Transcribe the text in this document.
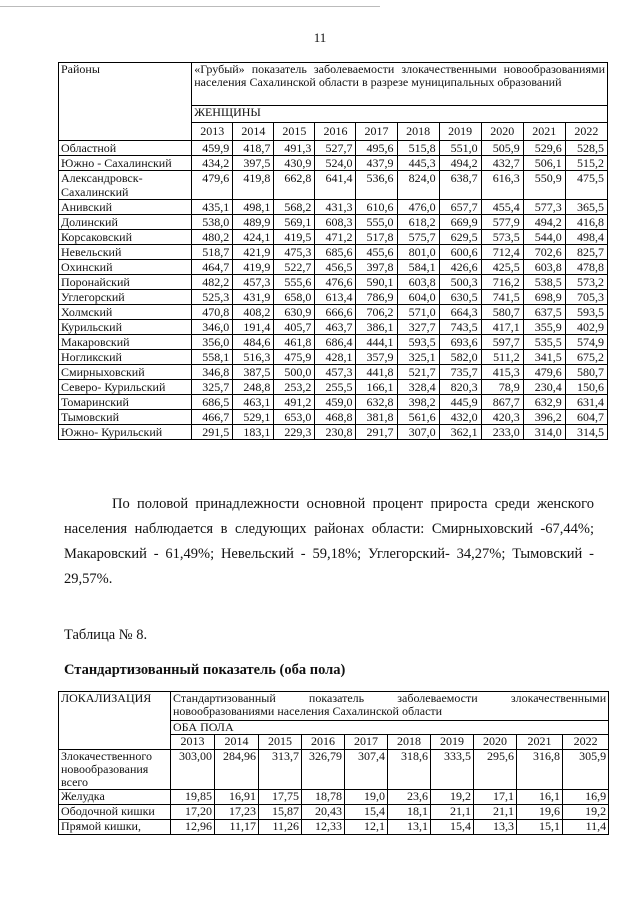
11
Районы	«Грубый» показатель заболеваемости злокачественными новообразованиями населения Сахалинской области в разрезе муниципальных образований									
	ЖЕНЩИНЫ									
	2013	2014	2015	2016	2017	2018	2019	2020	2021	2022
Областной	459,9	418,7	491,3	527,7	495,6	515,8	551,0	505,9	529,6	528,5
Южно - Сахалинский	434,2	397,5	430,9	524,0	437,9	445,3	494,2	432,7	506,1	515,2
Александровск-Сахалинский	479,6	419,8	662,8	641,4	536,6	824,0	638,7	616,3	550,9	475,5
Анивский	435,1	498,1	568,2	431,3	610,6	476,0	657,7	455,4	577,3	365,5
Долинский	538,0	489,9	569,1	608,3	555,0	618,2	669,9	577,9	494,2	416,8
Корсаковский	480,2	424,1	419,5	471,2	517,8	575,7	629,5	573,5	544,0	498,4
Невельский	518,7	421,9	475,3	685,6	455,6	801,0	600,6	712,4	702,6	825,7
Охинский	464,7	419,9	522,7	456,5	397,8	584,1	426,6	425,5	603,8	478,8
Поронайский	482,2	457,3	555,6	476,6	590,1	603,8	500,3	716,2	538,5	573,2
Углегорский	525,3	431,9	658,0	613,4	786,9	604,0	630,5	741,5	698,9	705,3
Холмский	470,8	408,2	630,9	666,6	706,2	571,0	664,3	580,7	637,5	593,5
Курильский	346,0	191,4	405,7	463,7	386,1	327,7	743,5	417,1	355,9	402,9
Макаровский	356,0	484,6	461,8	686,4	444,1	593,5	693,6	597,7	535,5	574,9
Ногликский	558,1	516,3	475,9	428,1	357,9	325,1	582,0	511,2	341,5	675,2
Смирныховский	346,8	387,5	500,0	457,3	441,8	521,7	735,7	415,3	479,6	580,7
Северо- Курильский	325,7	248,8	253,2	255,5	166,1	328,4	820,3	78,9	230,4	150,6
Томаринский	686,5	463,1	491,2	459,0	632,8	398,2	445,9	867,7	632,9	631,4
Тымовский	466,7	529,1	653,0	468,8	381,8	561,6	432,0	420,3	396,2	604,7
Южно- Курильский	291,5	183,1	229,3	230,8	291,7	307,0	362,1	233,0	314,0	314,5
По половой принадлежности основной процент прироста среди женского населения наблюдается в следующих районах области: Смирныховский -67,44%; Макаровский - 61,49%; Невельский - 59,18%; Углегорский- 34,27%; Тымовский - 29,57%.
Таблица № 8.
Стандартизованный показатель (оба пола)
ЛОКАЛИЗАЦИЯ	Стандартизованный показатель заболеваемости злокачественными новообразованиями населения Сахалинской области									
	ОБА ПОЛА									
	2013	2014	2015	2016	2017	2018	2019	2020	2021	2022
Злокачественного новообразования всего	303,00	284,96	313,7	326,79	307,4	318,6	333,5	295,6	316,8	305,9
Желудка	19,85	16,91	17,75	18,78	19,0	23,6	19,2	17,1	16,1	16,9
Ободочной кишки	17,20	17,23	15,87	20,43	15,4	18,1	21,1	21,1	19,6	19,2
Прямой кишки,	12,96	11,17	11,26	12,33	12,1	13,1	15,4	13,3	15,1	11,4
